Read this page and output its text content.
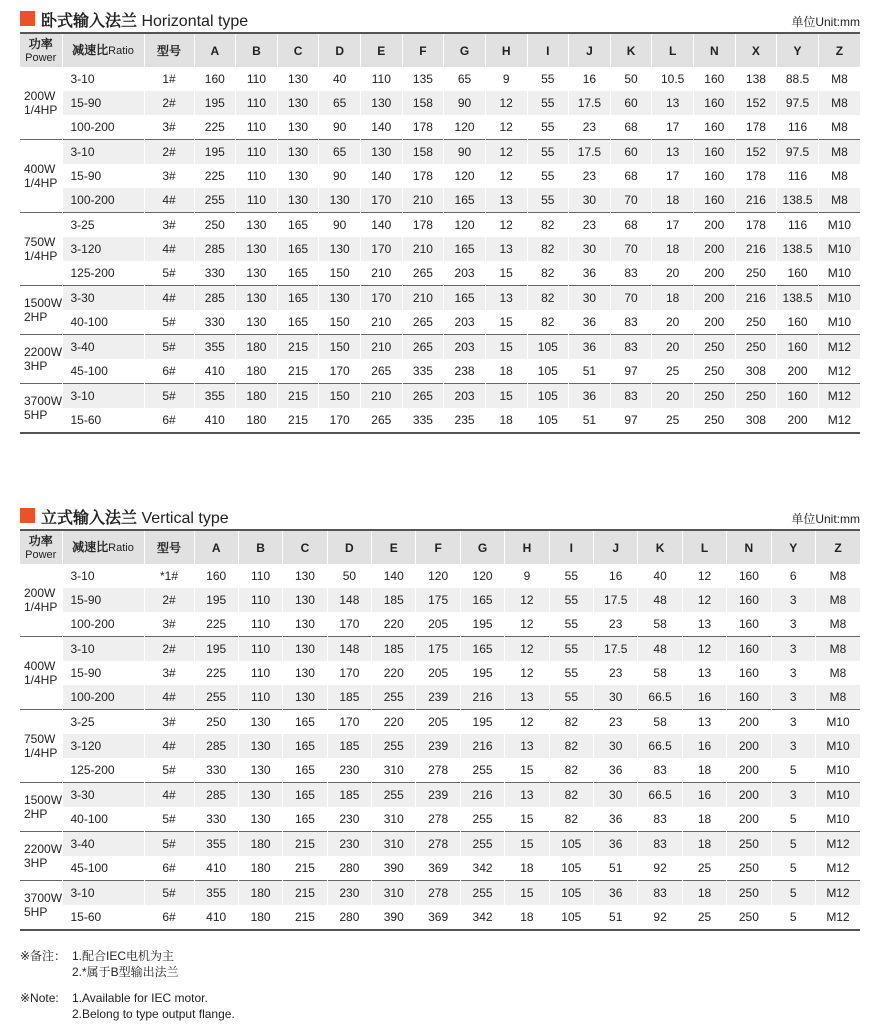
卧式输入法兰 Horizontal type	单位Unit:mm
功率
Power	减速比Ratio	型号	A	B	C	D	E	F	G	H	I	J	K	L	N	X	Y	Z

200W
1/4HP	3-10	1#	160	110	130	40	110	135	65	9	55	16	50	10.5	160	138	88.5	M8
	15-90	2#	195	110	130	65	130	158	90	12	55	17.5	60	13	160	152	97.5	M8
	100-200	3#	225	110	130	90	140	178	120	12	55	23	68	17	160	178	116	M8

400W
1/4HP	3-10	2#	195	110	130	65	130	158	90	12	55	17.5	60	13	160	152	97.5	M8
	15-90	3#	225	110	130	90	140	178	120	12	55	23	68	17	160	178	116	M8
	100-200	4#	255	110	130	130	170	210	165	13	55	30	70	18	160	216	138.5	M8

750W
1/4HP	3-25	3#	250	130	165	90	140	178	120	12	82	23	68	17	200	178	116	M10
	3-120	4#	285	130	165	130	170	210	165	13	82	30	70	18	200	216	138.5	M10
	125-200	5#	330	130	165	150	210	265	203	15	82	36	83	20	200	250	160	M10

1500W
2HP	3-30	4#	285	130	165	130	170	210	165	13	82	30	70	18	200	216	138.5	M10
	40-100	5#	330	130	165	150	210	265	203	15	82	36	83	20	200	250	160	M10

2200W
3HP	3-40	5#	355	180	215	150	210	265	203	15	105	36	83	20	250	250	160	M12
	45-100	6#	410	180	215	170	265	335	238	18	105	51	97	25	250	308	200	M12

3700W
5HP	3-10	5#	355	180	215	150	210	265	203	15	105	36	83	20	250	250	160	M12
	15-60	6#	410	180	215	170	265	335	235	18	105	51	97	25	250	308	200	M12
立式输入法兰 Vertical type	单位Unit:mm
功率
Power	减速比Ratio	型号	A	B	C	D	E	F	G	H	I	J	K	L	N	Y	Z

200W
1/4HP	3-10	*1#	160	110	130	50	140	120	120	9	55	16	40	12	160	6	M8
	15-90	2#	195	110	130	148	185	175	165	12	55	17.5	48	12	160	3	M8
	100-200	3#	225	110	130	170	220	205	195	12	55	23	58	13	160	3	M8

400W
1/4HP	3-10	2#	195	110	130	148	185	175	165	12	55	17.5	48	12	160	3	M8
	15-90	3#	225	110	130	170	220	205	195	12	55	23	58	13	160	3	M8
	100-200	4#	255	110	130	185	255	239	216	13	55	30	66.5	16	160	3	M8

750W
1/4HP	3-25	3#	250	130	165	170	220	205	195	12	82	23	58	13	200	3	M10
	3-120	4#	285	130	165	185	255	239	216	13	82	30	66.5	16	200	3	M10
	125-200	5#	330	130	165	230	310	278	255	15	82	36	83	18	200	5	M10

1500W
2HP	3-30	4#	285	130	165	185	255	239	216	13	82	30	66.5	16	200	3	M10
	40-100	5#	330	130	165	230	310	278	255	15	82	36	83	18	200	5	M10

2200W
3HP	3-40	5#	355	180	215	230	310	278	255	15	105	36	83	18	250	5	M12
	45-100	6#	410	180	215	280	390	369	342	18	105	51	92	25	250	5	M12

3700W
5HP	3-10	5#	355	180	215	230	310	278	255	15	105	36	83	18	250	5	M12
	15-60	6#	410	180	215	280	390	369	342	18	105	51	92	25	250	5	M12
※备注： 1.配合IEC电机为主
2.*属于B型输出法兰
※Note:	1.Available for IEC motor.
2.Belong to type output flange.
